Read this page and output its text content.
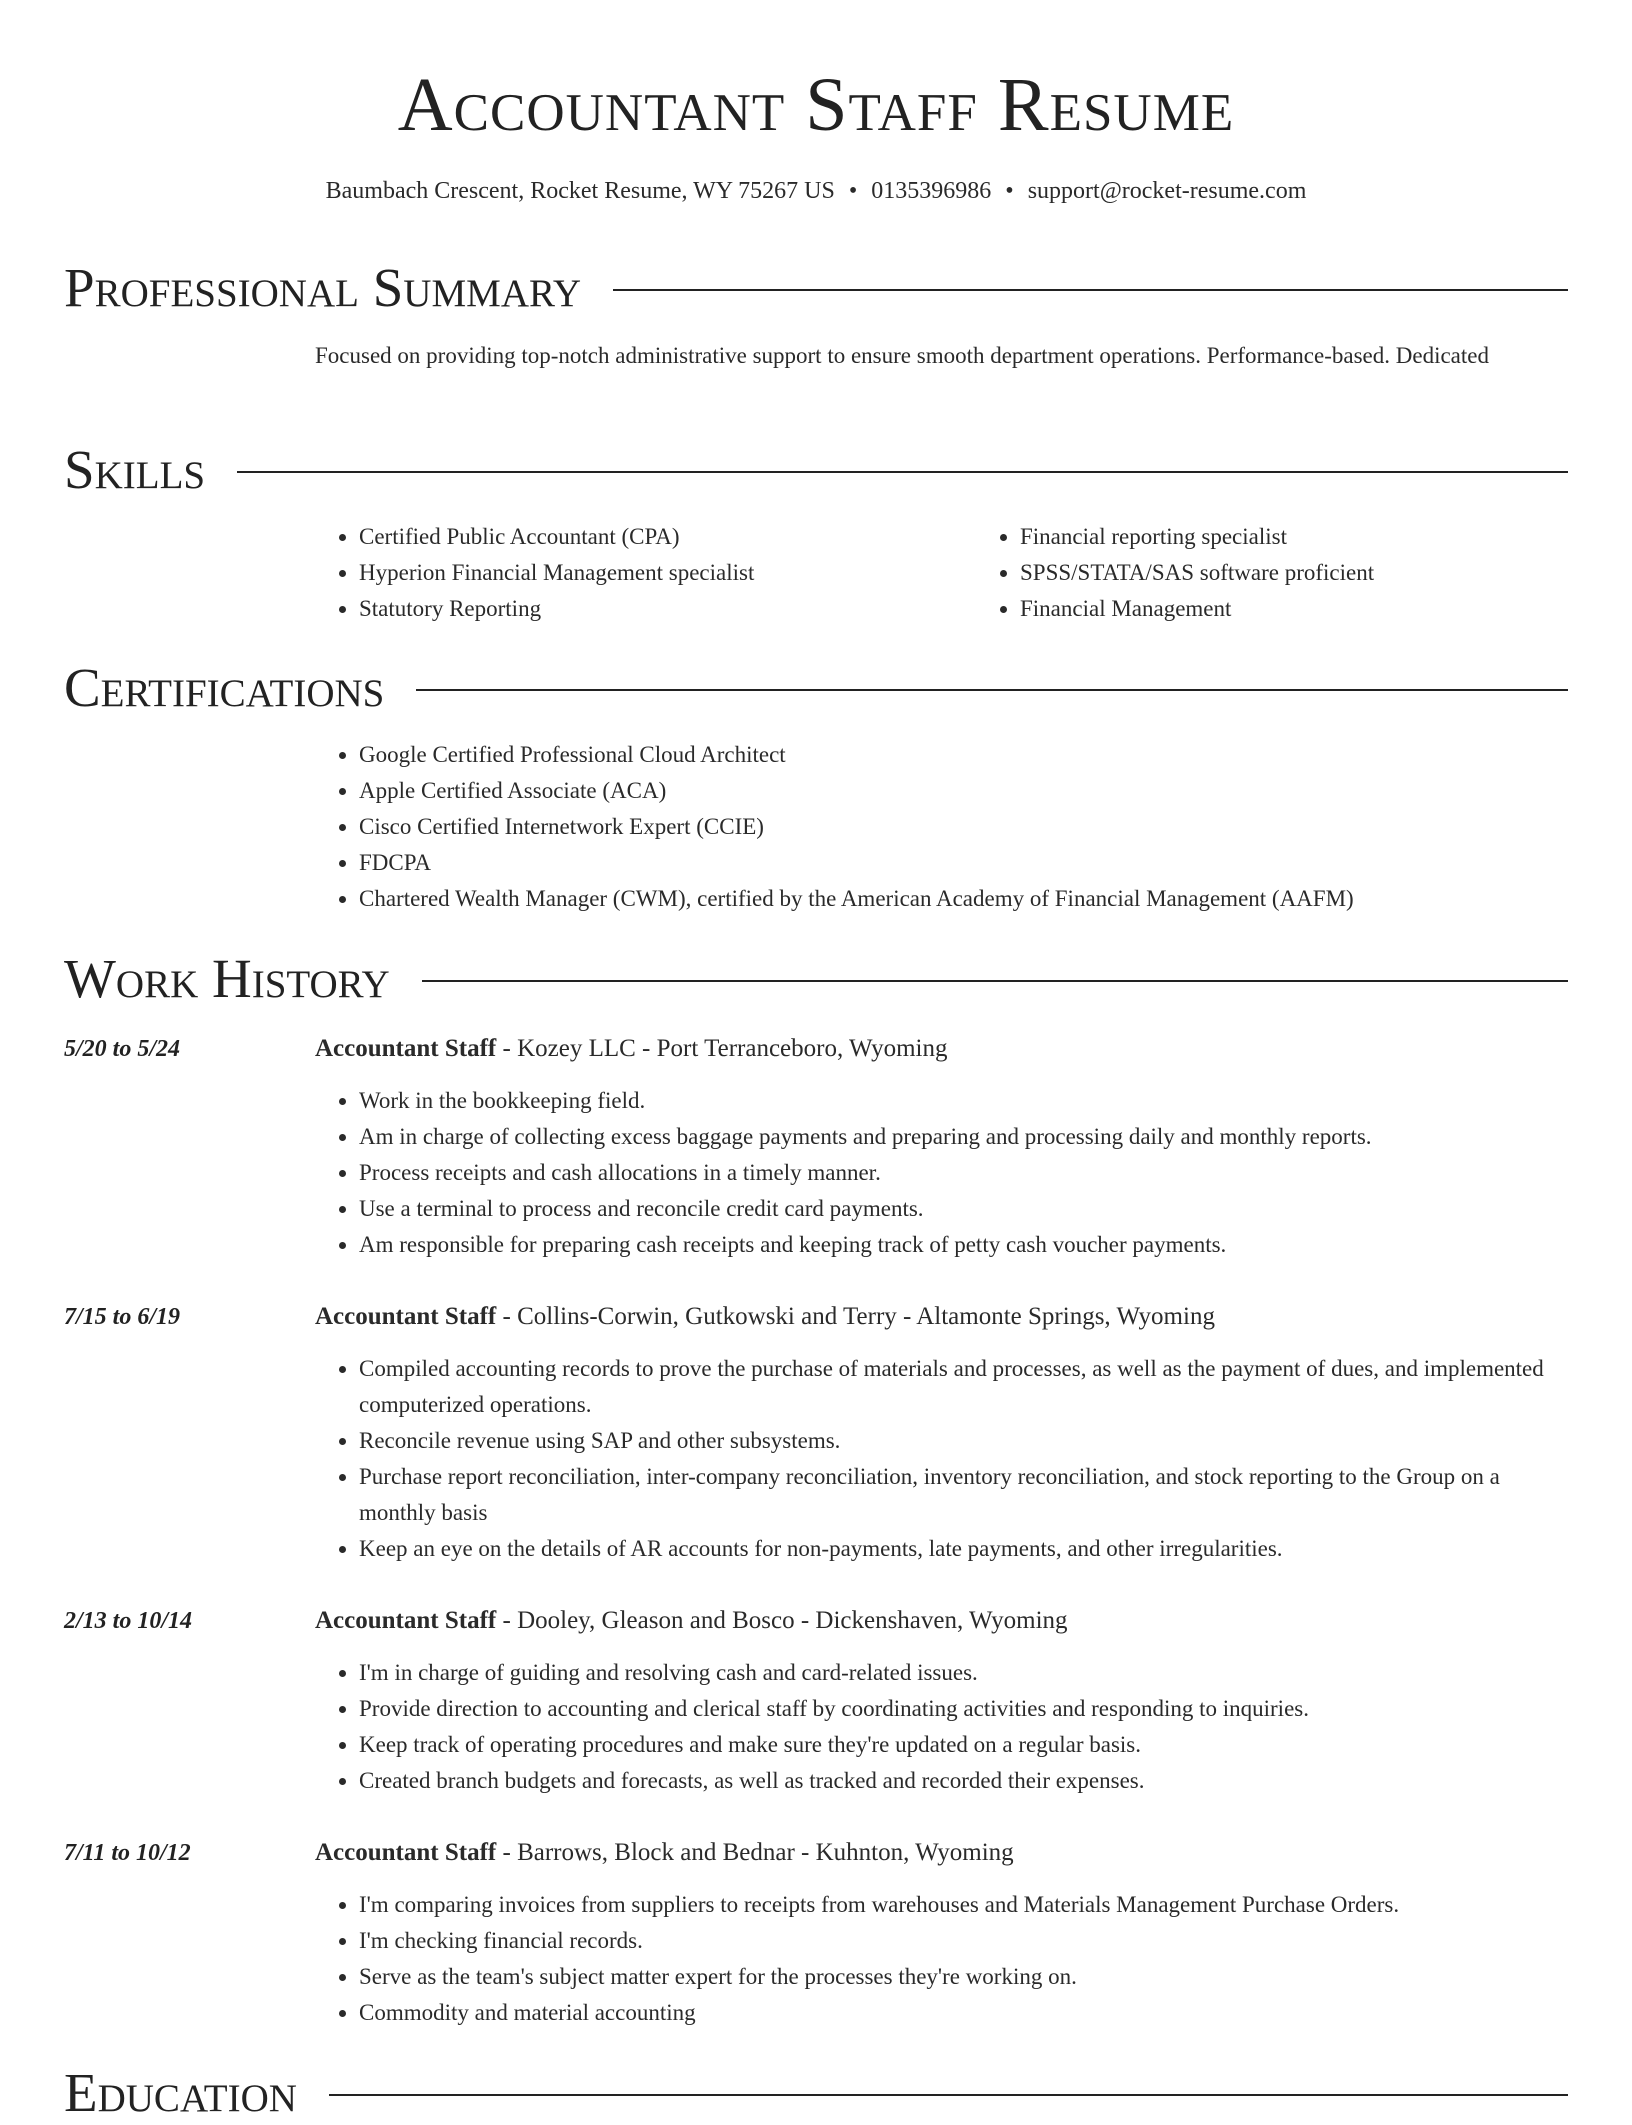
Accountant Staff Resume
Baumbach Crescent, Rocket Resume, WY 75267 US • 0135396986 • support@rocket-resume.com
Professional Summary
Focused on providing top-notch administrative support to ensure smooth department operations. Performance-based. Dedicated
Skills
• Certified Public Accountant (CPA)
• Hyperion Financial Management specialist
• Statutory Reporting
• Financial reporting specialist
• SPSS/STATA/SAS software proficient
• Financial Management
Certifications
• Google Certified Professional Cloud Architect
• Apple Certified Associate (ACA)
• Cisco Certified Internetwork Expert (CCIE)
• FDCPA
• Chartered Wealth Manager (CWM), certified by the American Academy of Financial Management (AAFM)
Work History
5/20 to 5/24	Accountant Staff - Kozey LLC - Port Terranceboro, Wyoming
• Work in the bookkeeping field.
• Am in charge of collecting excess baggage payments and preparing and processing daily and monthly reports.
• Process receipts and cash allocations in a timely manner.
• Use a terminal to process and reconcile credit card payments.
• Am responsible for preparing cash receipts and keeping track of petty cash voucher payments.
7/15 to 6/19	Accountant Staff - Collins-Corwin, Gutkowski and Terry - Altamonte Springs, Wyoming
• Compiled accounting records to prove the purchase of materials and processes, as well as the payment of dues, and implemented computerized operations.
• Reconcile revenue using SAP and other subsystems.
• Purchase report reconciliation, inter-company reconciliation, inventory reconciliation, and stock reporting to the Group on a monthly basis
• Keep an eye on the details of AR accounts for non-payments, late payments, and other irregularities.
2/13 to 10/14	Accountant Staff - Dooley, Gleason and Bosco - Dickenshaven, Wyoming
• I'm in charge of guiding and resolving cash and card-related issues.
• Provide direction to accounting and clerical staff by coordinating activities and responding to inquiries.
• Keep track of operating procedures and make sure they're updated on a regular basis.
• Created branch budgets and forecasts, as well as tracked and recorded their expenses.
7/11 to 10/12	Accountant Staff - Barrows, Block and Bednar - Kuhnton, Wyoming
• I'm comparing invoices from suppliers to receipts from warehouses and Materials Management Purchase Orders.
• I'm checking financial records.
• Serve as the team's subject matter expert for the processes they're working on.
• Commodity and material accounting
Education
